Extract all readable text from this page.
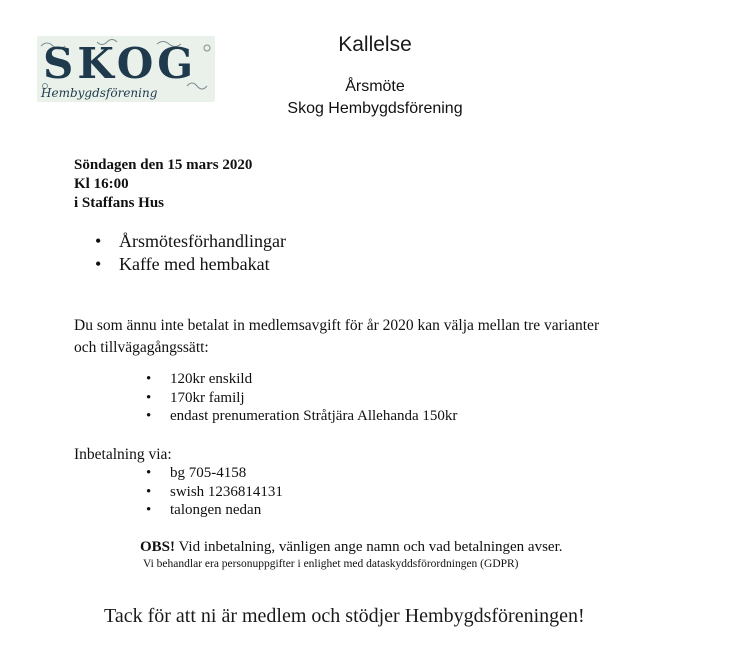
SKOG
Hembygdsförening
Kallelse
Årsmöte
Skog Hembygdsförening
Söndagen den 15 mars 2020
Kl 16:00
i Staffans Hus
• Årsmötesförhandlingar
• Kaffe med hembakat
Du som ännu inte betalat in medlemsavgift för år 2020 kan välja mellan tre varianter
och tillvägagångssätt:
• 120kr enskild
• 170kr familj
• endast prenumeration Stråtjära Allehanda 150kr
Inbetalning via:
• bg 705-4158
• swish 1236814131
• talongen nedan
OBS! Vid inbetalning, vänligen ange namn och vad betalningen avser.
Vi behandlar era personuppgifter i enlighet med dataskyddsförordningen (GDPR)
Tack för att ni är medlem och stödjer Hembygdsföreningen!
